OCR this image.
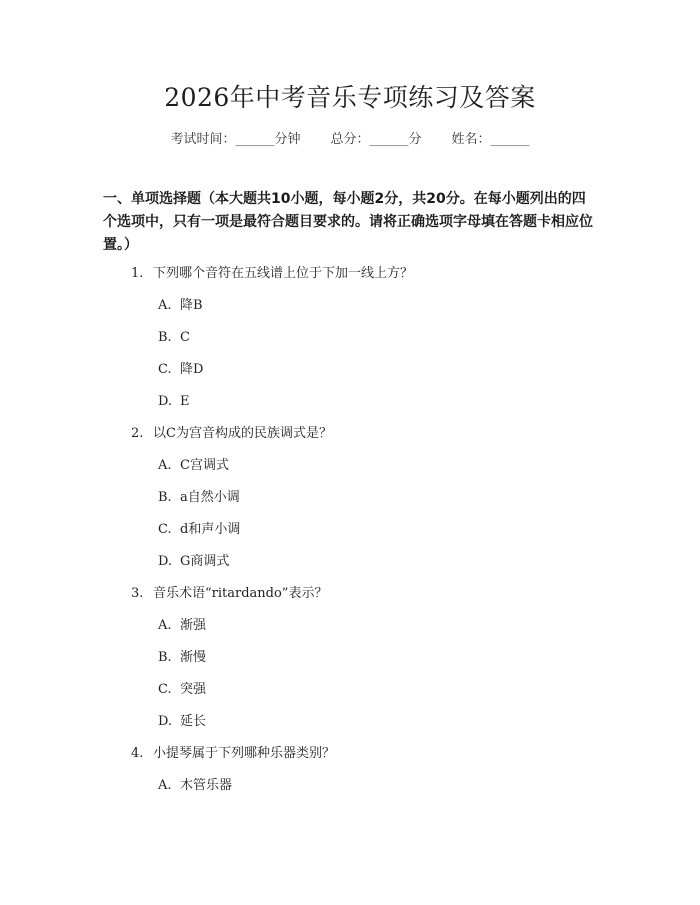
2026年中考音乐专项练习及答案
考试时间：______分钟 总分：______分 姓名：______
一、单项选择题（本大题共10小题，每小题2分，共20分。在每小题列出的四个选项中，只有一项是最符合题目要求的。请将正确选项字母填在答题卡相应位置。）
1. 下列哪个音符在五线谱上位于下加一线上方？
A. 降B
B. C
C. 降D
D. E
2. 以C为宫音构成的民族调式是？
A. C宫调式
B. a自然小调
C. d和声小调
D. G商调式
3. 音乐术语“ritardando”表示？
A. 渐强
B. 渐慢
C. 突强
D. 延长
4. 小提琴属于下列哪种乐器类别？
A. 木管乐器
